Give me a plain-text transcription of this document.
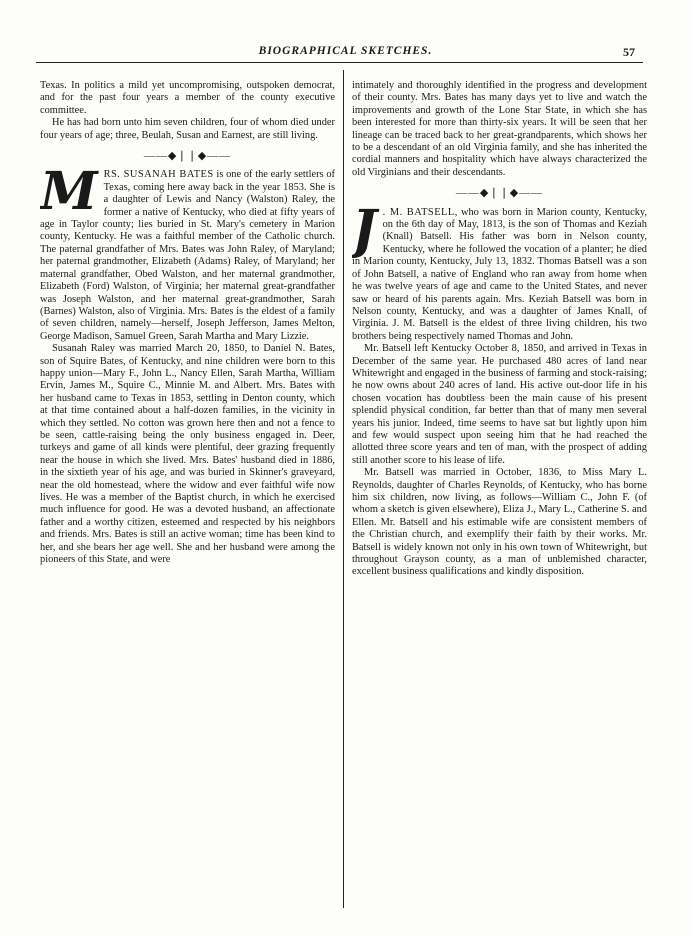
BIOGRAPHICAL SKETCHES.	57

Texas. In politics a mild yet uncompromising, outspoken democrat, and for the past four years a member of the county executive committee.

He has had born unto him seven children, four of whom died under four years of age; three, Beulah, Susan and Earnest, are still living.

——◆❘❘◆——

MRS. SUSANAH BATES is one of the early settlers of Texas, coming here away back in the year 1853. She is a daughter of Lewis and Nancy (Walston) Raley, the former a native of Kentucky, who died at fifty years of age in Taylor county; lies buried in St. Mary's cemetery in Marion county, Kentucky. He was a faithful member of the Catholic church. The paternal grandfather of Mrs. Bates was John Raley, of Maryland; her paternal grandmother, Elizabeth (Adams) Raley, of Maryland; her maternal grandfather, Obed Walston, and her maternal grandmother, Elizabeth (Ford) Walston, of Virginia; her maternal great-grandfather was Joseph Walston, and her maternal great-grandmother, Sarah (Barnes) Walston, also of Virginia. Mrs. Bates is the eldest of a family of seven children, namely—herself, Joseph Jefferson, James Melton, George Madison, Samuel Green, Sarah Martha and Mary Lizzie.

Susanah Raley was married March 20, 1850, to Daniel N. Bates, son of Squire Bates, of Kentucky, and nine children were born to this happy union—Mary F., John L., Nancy Ellen, Sarah Martha, William Ervin, James M., Squire C., Minnie M. and Albert. Mrs. Bates with her husband came to Texas in 1853, settling in Denton county, which at that time contained about a half-dozen families, in the vicinity in which they settled. No cotton was grown here then and not a fence to be seen, cattle-raising being the only business engaged in. Deer, turkeys and game of all kinds were plentiful, deer grazing frequently near the house in which she lived. Mrs. Bates' husband died in 1886, in the sixtieth year of his age, and was buried in Skinner's graveyard, near the old homestead, where the widow and ever faithful wife now lives. He was a member of the Baptist church, in which he exercised much influence for good. He was a devoted husband, an affectionate father and a worthy citizen, esteemed and respected by his neighbors and friends. Mrs. Bates is still an active woman; time has been kind to her, and she bears her age well. She and her husband were among the pioneers of this State, and were

intimately and thoroughly identified in the progress and development of their county. Mrs. Bates has many days yet to live and watch the improvements and growth of the Lone Star State, in which she has been interested for more than thirty-six years. It will be seen that her lineage can be traced back to her great-grandparents, which shows her to be a descendant of an old Virginia family, and she has inherited the cordial manners and hospitality which have always characterized the old Virginians and their descendants.

——◆❘❘◆——

J . M. BATSELL, who was born in Marion county, Kentucky, on the 6th day of May, 1813, is the son of Thomas and Keziah (Knall) Batsell. His father was born in Nelson county, Kentucky, where he followed the vocation of a planter; he died in Marion county, Kentucky, July 13, 1832. Thomas Batsell was a son of John Batsell, a native of England who ran away from home when he was twelve years of age and came to the United States, and never saw or heard of his parents again. Mrs. Keziah Batsell was born in Nelson county, Kentucky, and was a daughter of James Knall, of Virginia. J. M. Batsell is the eldest of three living children, his two brothers being respectively named Thomas and John.

Mr. Batsell left Kentucky October 8, 1850, and arrived in Texas in December of the same year. He purchased 480 acres of land near Whitewright and engaged in the business of farming and stock-raising; he now owns about 240 acres of land. His active out-door life in his chosen vocation has doubtless been the main cause of his present splendid physical condition, far better than that of many men several years his junior. Indeed, time seems to have sat but lightly upon him and few would suspect upon seeing him that he had reached the allotted three score years and ten of man, with the prospect of adding still another score to his lease of life.

Mr. Batsell was married in October, 1836, to Miss Mary L. Reynolds, daughter of Charles Reynolds, of Kentucky, who has borne him six children, now living, as follows—William C., John F. (of whom a sketch is given elsewhere), Eliza J., Mary L., Catherine S. and Ellen. Mr. Batsell and his estimable wife are consistent members of the Christian church, and exemplify their faith by their works. Mr. Batsell is widely known not only in his own town of Whitewright, but throughout Grayson county, as a man of unblemished character, excellent business qualifications and kindly disposition.
